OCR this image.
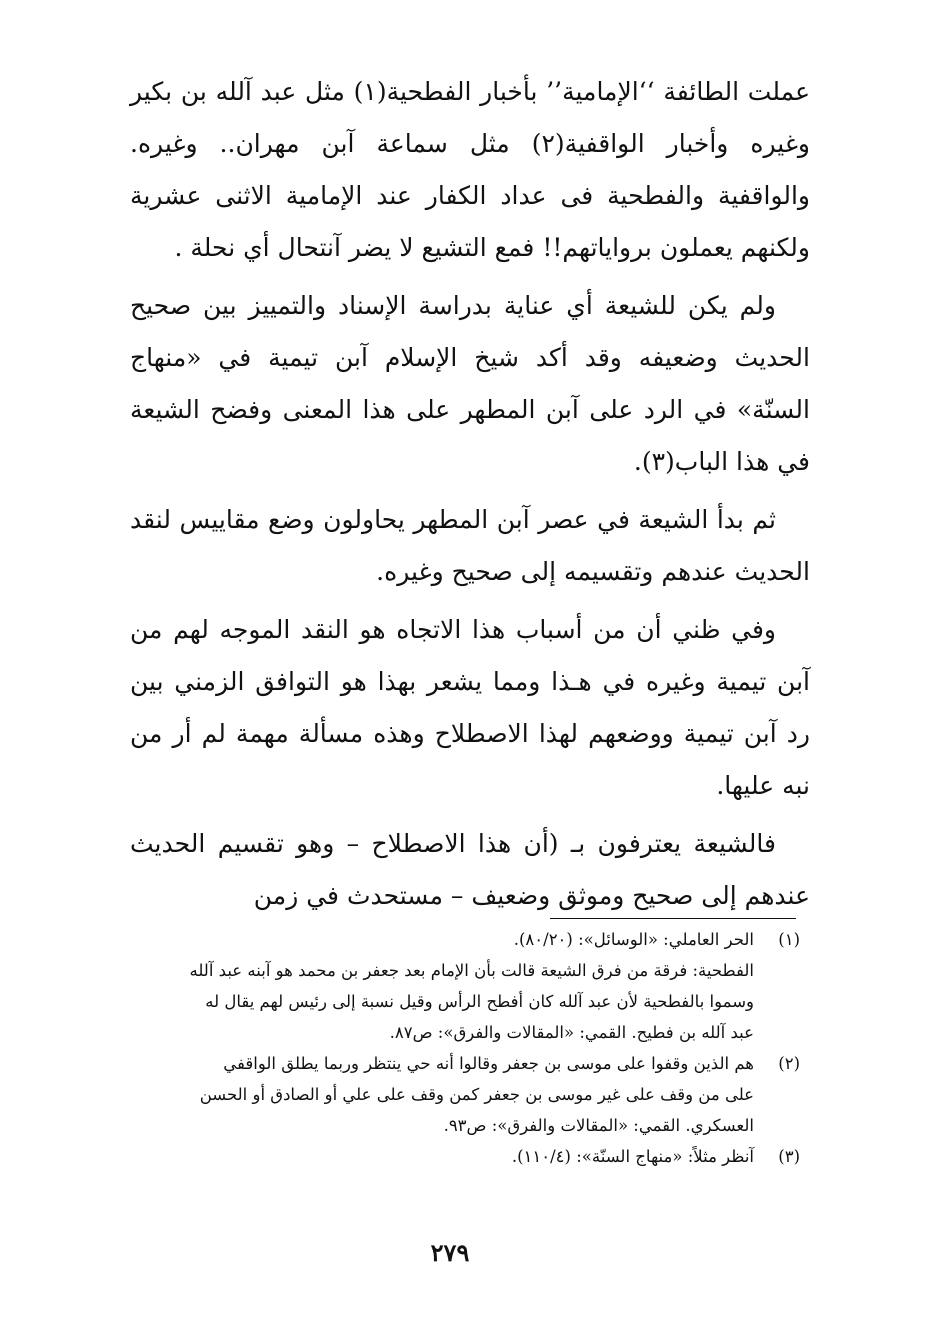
عملت الطائفة ‘‘الإمامية’’ بأخبار الفطحية(١) مثل عبد آلله بن بكير وغيره وأخبار الواقفية(٢) مثل سماعة آبن مهران.. وغيره. والواقفية والفطحية فى عداد الكفار عند الإمامية الاثنى عشرية ولكنهم يعملون برواياتهم!! فمع التشيع لا يضر آنتحال أي نحلة .

ولم يكن للشيعة أي عناية بدراسة الإسناد والتمييز بين صحيح الحديث وضعيفه وقد أكد شيخ الإسلام آبن تيمية في «منهاج السنّة» في الرد على آبن المطهر على هذا المعنى وفضح الشيعة في هذا الباب(٣).

ثم بدأ الشيعة في عصر آبن المطهر يحاولون وضع مقاييس لنقد الحديث عندهم وتقسيمه إلى صحيح وغيره.

وفي ظني أن من أسباب هذا الاتجاه هو النقد الموجه لهم من آبن تيمية وغيره في هـذا ومما يشعر بهذا هو التوافق الزمني بين رد آبن تيمية ووضعهم لهذا الاصطلاح وهذه مسألة مهمة لم أر من نبه عليها.

فالشيعة يعترفون بـ (أن هذا الاصطلاح – وهو تقسيم الحديث عندهم إلى صحيح وموثق وضعيف – مستحدث في زمن

(١)
الحر العاملي: «الوسائل»: (٨٠/٢٠).
الفطحية: فرقة من فرق الشيعة قالت بأن الإمام بعد جعفر بن محمد هو آبنه عبد آلله
وسموا بالفطحية لأن عبد آلله كان أفطح الرأس وقيل نسبة إلى رئيس لهم يقال له
عبد آلله بن فطيح. القمي: «المقالات والفرق»: ص٨٧.
(٢)
هم الذين وقفوا على موسى بن جعفر وقالوا أنه حي ينتظر وربما يطلق الواقفي
على من وقف على غير موسى بن جعفر كمن وقف على علي أو الصادق أو الحسن
العسكري. القمي: «المقالات والفرق»: ص٩٣.
(٣)
آنظر مثلاً: «منهاج السنّة»: (١١٠/٤).
٢٧٩
